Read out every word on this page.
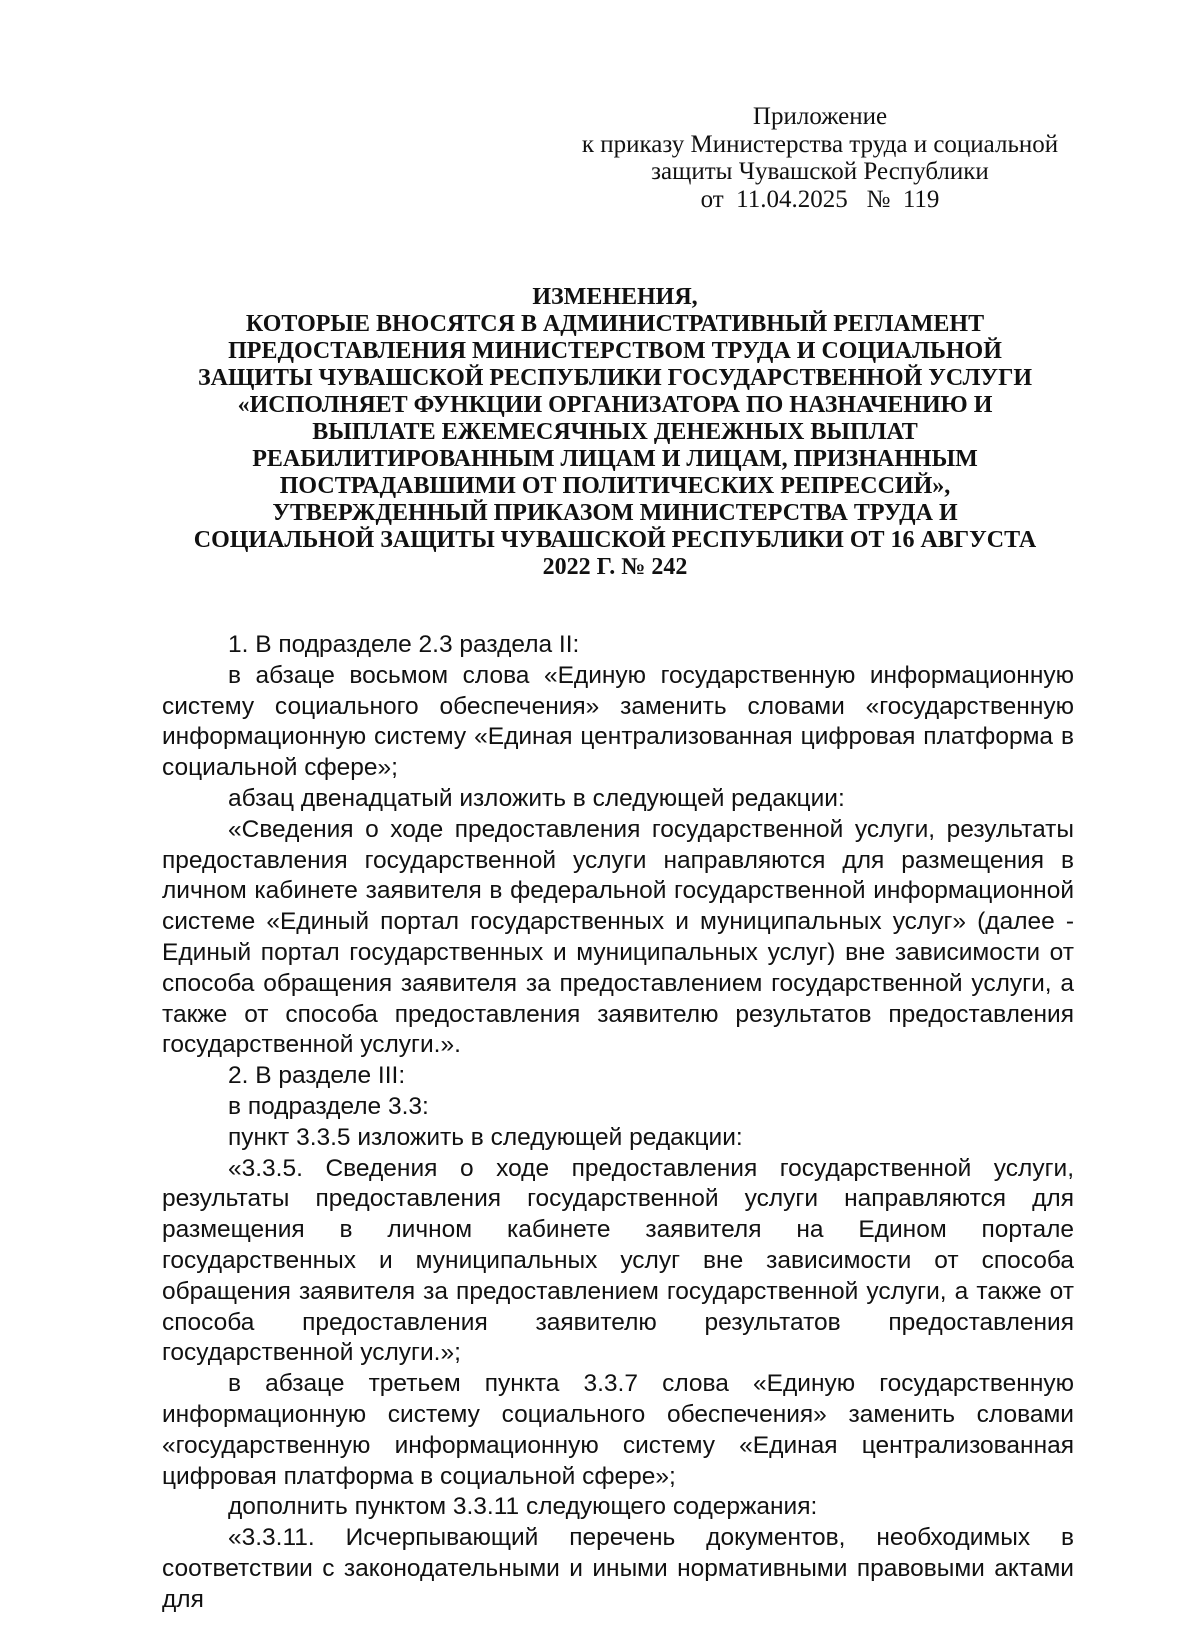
Приложение
к приказу Министерства труда и социальной
защиты Чувашской Республики
от  11.04.2025   №  119
ИЗМЕНЕНИЯ,
КОТОРЫЕ ВНОСЯТСЯ В АДМИНИСТРАТИВНЫЙ РЕГЛАМЕНТ
ПРЕДОСТАВЛЕНИЯ МИНИСТЕРСТВОМ ТРУДА И СОЦИАЛЬНОЙ
ЗАЩИТЫ ЧУВАШСКОЙ РЕСПУБЛИКИ ГОСУДАРСТВЕННОЙ УСЛУГИ
«ИСПОЛНЯЕТ ФУНКЦИИ ОРГАНИЗАТОРА ПО НАЗНАЧЕНИЮ И
ВЫПЛАТЕ ЕЖЕМЕСЯЧНЫХ ДЕНЕЖНЫХ ВЫПЛАТ
РЕАБИЛИТИРОВАННЫМ ЛИЦАМ И ЛИЦАМ, ПРИЗНАННЫМ
ПОСТРАДАВШИМИ ОТ ПОЛИТИЧЕСКИХ РЕПРЕССИЙ»,
УТВЕРЖДЕННЫЙ ПРИКАЗОМ МИНИСТЕРСТВА ТРУДА И
СОЦИАЛЬНОЙ ЗАЩИТЫ ЧУВАШСКОЙ РЕСПУБЛИКИ ОТ 16 АВГУСТА
2022 Г. № 242

1. В подразделе 2.3 раздела II:

в абзаце восьмом слова «Единую государственную информационную систему социального обеспечения» заменить словами «государственную информационную систему «Единая централизованная цифровая платформа в социальной сфере»;

абзац двенадцатый изложить в следующей редакции:

«Сведения о ходе предоставления государственной услуги, результаты предоставления государственной услуги направляются для размещения в личном кабинете заявителя в федеральной государственной информационной системе «Единый портал государственных и муниципальных услуг» (далее - Единый портал государственных и муниципальных услуг) вне зависимости от способа обращения заявителя за предоставлением государственной услуги, а также от способа предоставления заявителю результатов предоставления государственной услуги.».

2. В разделе III:

в подразделе 3.3:

пункт 3.3.5 изложить в следующей редакции:

«3.3.5. Сведения о ходе предоставления государственной услуги, результаты предоставления государственной услуги направляются для размещения в личном кабинете заявителя на Едином портале государственных и муниципальных услуг вне зависимости от способа обращения заявителя за предоставлением государственной услуги, а также от способа предоставления заявителю результатов предоставления государственной услуги.»;

в абзаце третьем пункта 3.3.7 слова «Единую государственную информационную систему социального обеспечения» заменить словами «государственную информационную систему «Единая централизованная цифровая платформа в социальной сфере»;

дополнить пунктом 3.3.11 следующего содержания:

«3.3.11. Исчерпывающий перечень документов, необходимых в соответствии с законодательными и иными нормативными правовыми актами для
